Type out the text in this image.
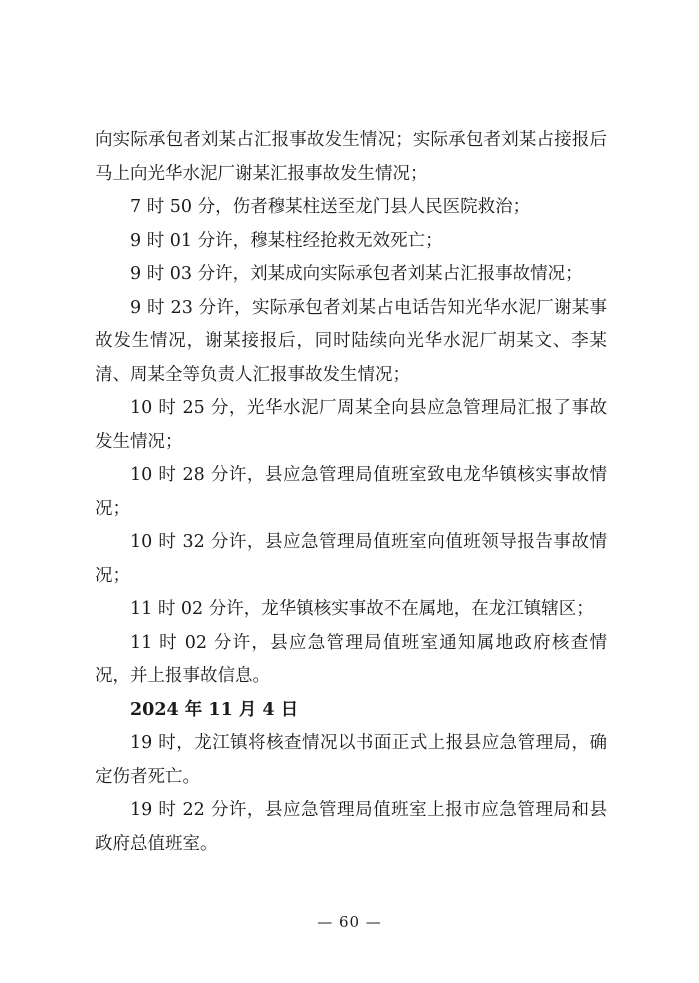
向实际承包者刘某占汇报事故发生情况；实际承包者刘某占接报后马上向光华水泥厂谢某汇报事故发生情况；

7 时 50 分，伤者穆某柱送至龙门县人民医院救治；

9 时 01 分许，穆某柱经抢救无效死亡；

9 时 03 分许，刘某成向实际承包者刘某占汇报事故情况；

9 时 23 分许，实际承包者刘某占电话告知光华水泥厂谢某事故发生情况，谢某接报后，同时陆续向光华水泥厂胡某文、李某清、周某全等负责人汇报事故发生情况；

10 时 25 分，光华水泥厂周某全向县应急管理局汇报了事故发生情况；

10 时 28 分许，县应急管理局值班室致电龙华镇核实事故情况；

10 时 32 分许，县应急管理局值班室向值班领导报告事故情况；

11 时 02 分许，龙华镇核实事故不在属地，在龙江镇辖区；

11 时 02 分许，县应急管理局值班室通知属地政府核查情况，并上报事故信息。

2024 年 11 月 4 日

19 时，龙江镇将核查情况以书面正式上报县应急管理局，确定伤者死亡。

19 时 22 分许，县应急管理局值班室上报市应急管理局和县政府总值班室。

— 60 —
